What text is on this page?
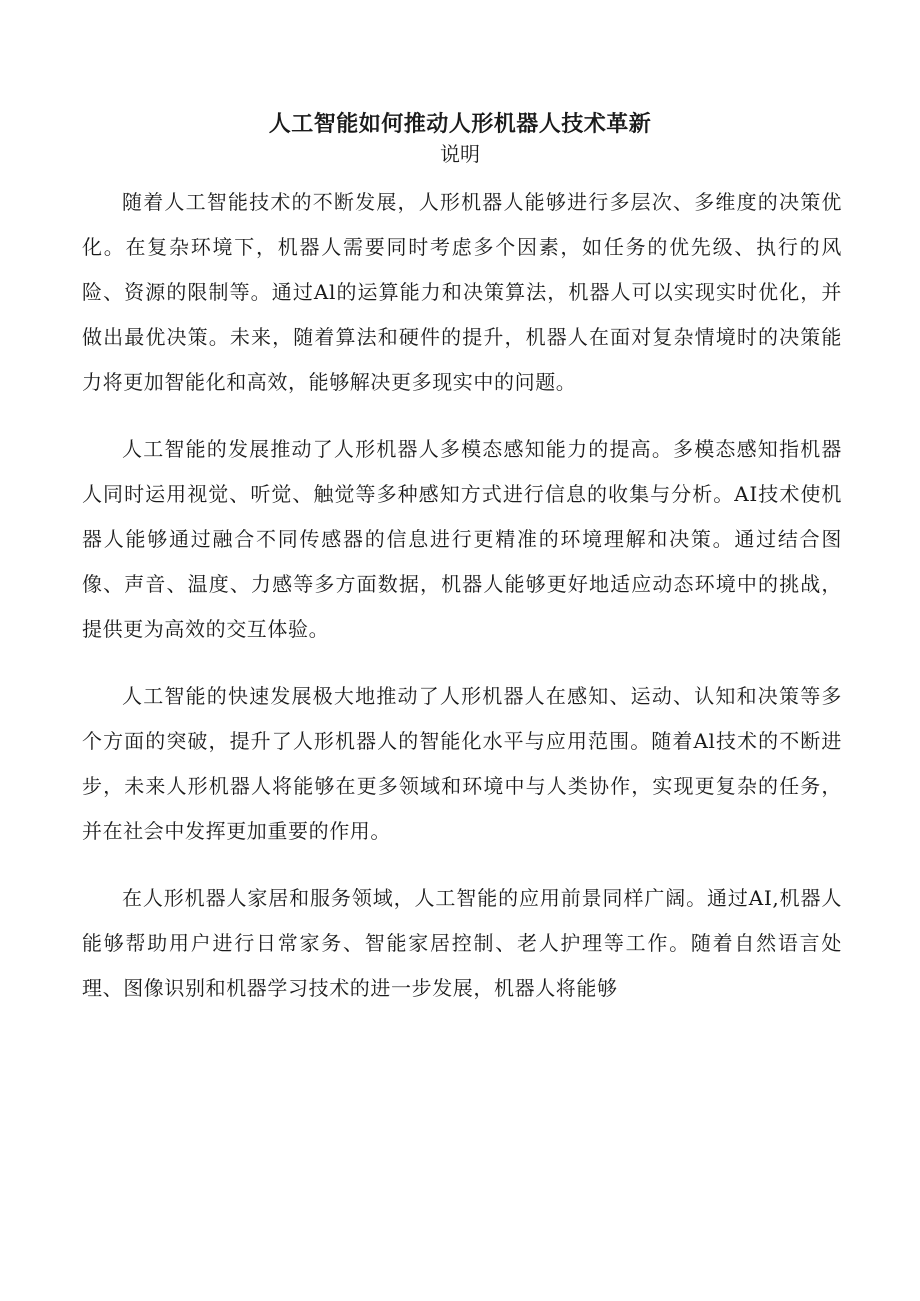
人工智能如何推动人形机器人技术革新
说明

随着人工智能技术的不断发展，人形机器人能够进行多层次、多维度的决策优化。在复杂环境下，机器人需要同时考虑多个因素，如任务的优先级、执行的风险、资源的限制等。通过Al的运算能力和决策算法，机器人可以实现实时优化，并做出最优决策。未来，随着算法和硬件的提升，机器人在面对复杂情境时的决策能力将更加智能化和高效，能够解决更多现实中的问题。

人工智能的发展推动了人形机器人多模态感知能力的提高。多模态感知指机器人同时运用视觉、听觉、触觉等多种感知方式进行信息的收集与分析。AI技术使机器人能够通过融合不同传感器的信息进行更精准的环境理解和决策。通过结合图像、声音、温度、力感等多方面数据，机器人能够更好地适应动态环境中的挑战，提供更为高效的交互体验。

人工智能的快速发展极大地推动了人形机器人在感知、运动、认知和决策等多个方面的突破，提升了人形机器人的智能化水平与应用范围。随着Al技术的不断进步，未来人形机器人将能够在更多领域和环境中与人类协作，实现更复杂的任务，并在社会中发挥更加重要的作用。

在人形机器人家居和服务领域，人工智能的应用前景同样广阔。通过AI,机器人能够帮助用户进行日常家务、智能家居控制、老人护理等工作。随着自然语言处理、图像识别和机器学习技术的进一步发展，机器人将能够
